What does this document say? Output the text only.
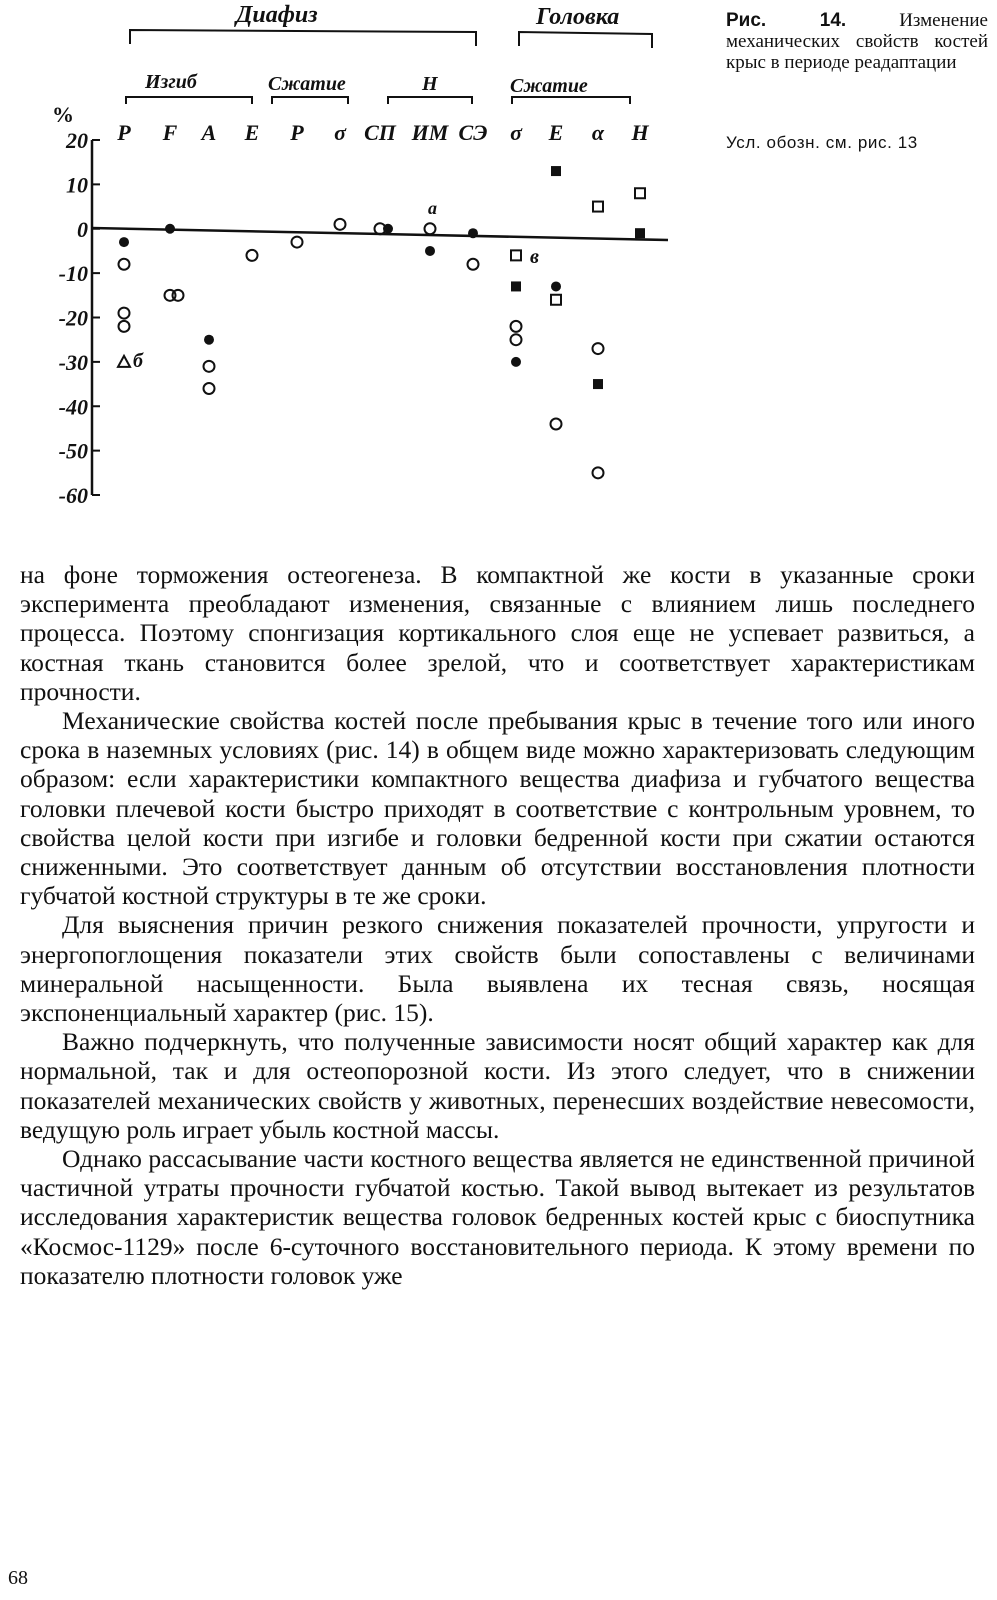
Диафиз	Головка
Изгиб	Сжатие	Н	Сжатие
%
20
10
0
-10
-20
-30
-40
-50
-60
P F A E P σ СП ИМ СЭ σ E α Н
а
б
в
Рис. 14.	Изменение механических свойств костей крыс в периоде реадаптации
Усл. обозн. см. рис. 13

на фоне торможения остеогенеза. В компактной же кости в указанные сроки эксперимента преобладают изменения, связанные с влиянием лишь последнего процесса. Поэтому спонгизация кортикального слоя еще не успевает развиться, а костная ткань становится более зрелой, что и соответствует характеристикам прочности.

Механические свойства костей после пребывания крыс в течение того или иного срока в наземных условиях (рис. 14) в общем виде можно характеризовать следующим образом: если характеристики компактного вещества диафиза и губчатого вещества головки плечевой кости быстро приходят в соответствие с контрольным уровнем, то свойства целой кости при изгибе и головки бедренной кости при сжатии остаются сниженными. Это соответствует данным об отсутствии восстановления плотности губчатой костной структуры в те же сроки.

Для выяснения причин резкого снижения показателей прочности, упругости и энергопоглощения показатели этих свойств были сопоставлены с величинами минеральной насыщенности. Была выявлена их тесная связь, носящая экспоненциальный характер (рис. 15).

Важно подчеркнуть, что полученные зависимости носят общий характер как для нормальной, так и для остеопорозной кости. Из этого следует, что в снижении показателей механических свойств у животных, перенесших воздействие невесомости, ведущую роль играет убыль костной массы.

Однако рассасывание части костного вещества является не единственной причиной частичной утраты прочности губчатой костью. Такой вывод вытекает из результатов исследования характеристик вещества головок бедренных костей крыс с биоспутника «Космос-1129» после 6-суточного восстановительного периода. К этому времени по показателю плотности головок уже

68
